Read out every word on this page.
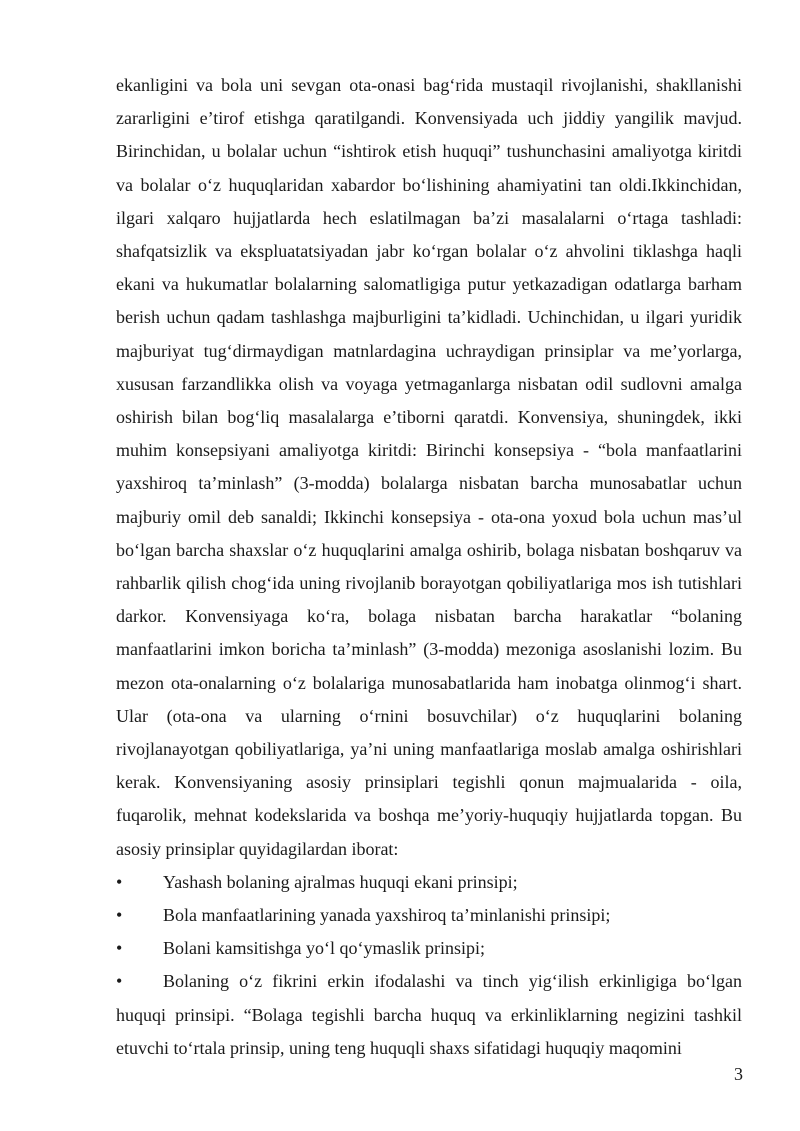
ekanligini va bola uni sevgan ota-onasi bag‘rida mustaqil rivojlanishi, shakllanishi zararligini e’tirof etishga qaratilgandi. Konvensiyada uch jiddiy yangilik mavjud. Birinchidan, u bolalar uchun “ishtirok etish huquqi” tushunchasini amaliyotga kiritdi va bolalar o‘z huquqlaridan xabardor bo‘lishining ahamiyatini tan oldi.Ikkinchidan, ilgari xalqaro hujjatlarda hech eslatilmagan ba’zi masalalarni o‘rtaga tashladi: shafqatsizlik va ekspluatatsiyadan jabr ko‘rgan bolalar o‘z ahvolini tiklashga haqli ekani va hukumatlar bolalarning salomatligiga putur yetkazadigan odatlarga barham berish uchun qadam tashlashga majburligini ta’kidladi. Uchinchidan, u ilgari yuridik majburiyat tug‘dirmaydigan matnlardagina uchraydigan prinsiplar va me’yorlarga, xususan farzandlikka olish va voyaga yetmaganlarga nisbatan odil sudlovni amalga oshirish bilan bog‘liq masalalarga e’tiborni qaratdi. Konvensiya, shuningdek, ikki muhim konsepsiyani amaliyotga kiritdi: Birinchi konsepsiya - “bola manfaatlarini yaxshiroq ta’minlash” (3-modda) bolalarga nisbatan barcha munosabatlar uchun majburiy omil deb sanaldi; Ikkinchi konsepsiya - ota-ona yoxud bola uchun mas’ul bo‘lgan barcha shaxslar o‘z huquqlarini amalga oshirib, bolaga nisbatan boshqaruv va rahbarlik qilish chog‘ida uning rivojlanib borayotgan qobiliyatlariga mos ish tutishlari darkor. Konvensiyaga ko‘ra, bolaga nisbatan barcha harakatlar “bolaning manfaatlarini imkon boricha ta’minlash” (3-modda) mezoniga asoslanishi lozim. Bu mezon ota-onalarning o‘z bolalariga munosabatlarida ham inobatga olinmog‘i shart. Ular (ota-ona va ularning o‘rnini bosuvchilar) o‘z huquqlarini bolaning rivojlanayotgan qobiliyatlariga, ya’ni uning manfaatlariga moslab amalga oshirishlari kerak. Konvensiyaning asosiy prinsiplari tegishli qonun majmualarida - oila, fuqarolik, mehnat kodekslarida va boshqa me’yoriy-huquqiy hujjatlarda topgan. Bu asosiy prinsiplar quyidagilardan iborat:

• Yashash bolaning ajralmas huquqi ekani prinsipi;

• Bola manfaatlarining yanada yaxshiroq ta’minlanishi prinsipi;

• Bolani kamsitishga yo‘l qo‘ymaslik prinsipi;

• Bolaning o‘z fikrini erkin ifodalashi va tinch yig‘ilish erkinligiga bo‘lgan huquqi prinsipi. “Bolaga tegishli barcha huquq va erkinliklarning negizini tashkil etuvchi to‘rtala prinsip, uning teng huquqli shaxs sifatidagi huquqiy maqomini

3
